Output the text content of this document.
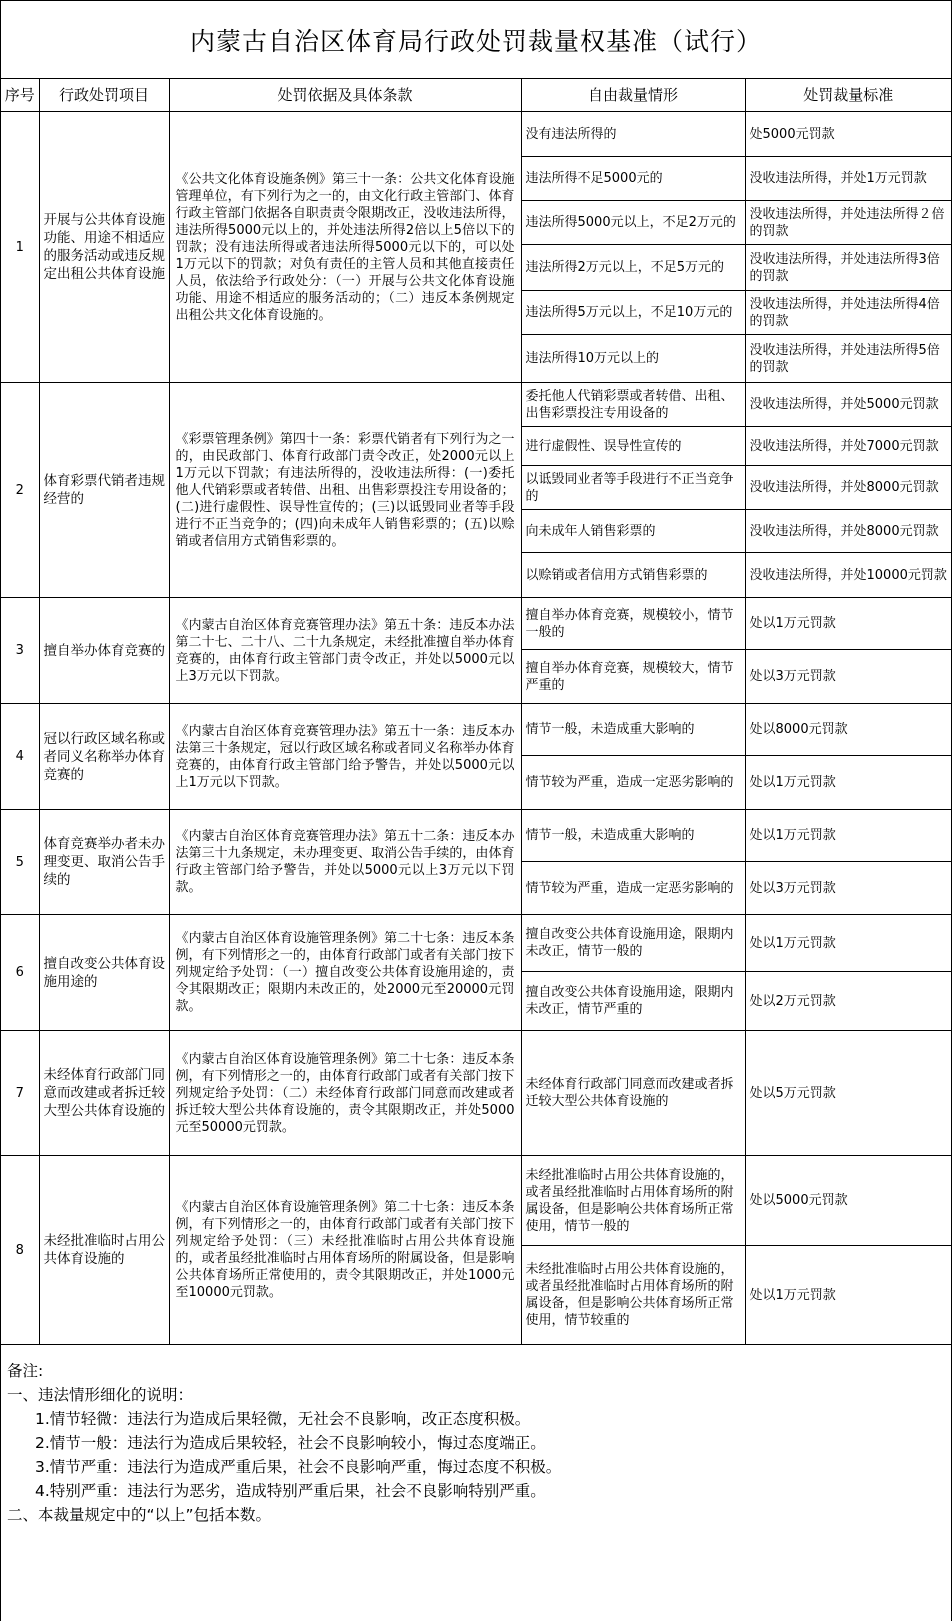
内蒙古自治区体育局行政处罚裁量权基准（试行）
序号	行政处罚项目	处罚依据及具体条款	自由裁量情形	处罚裁量标准
1	开展与公共体育设施功能、用途不相适应的服务活动或违反规定出租公共体育设施	《公共文化体育设施条例》第三十一条：公共文化体育设施管理单位，有下列行为之一的，由文化行政主管部门、体育行政主管部门依据各自职责责令限期改正，没收违法所得，违法所得5000元以上的，并处违法所得2倍以上5倍以下的罚款；没有违法所得或者违法所得5000元以下的，可以处1万元以下的罚款；对负有责任的主管人员和其他直接责任人员，依法给予行政处分：（一）开展与公共文化体育设施功能、用途不相适应的服务活动的；（二）违反本条例规定出租公共文化体育设施的。	没有违法所得的	处5000元罚款
			违法所得不足5000元的	没收违法所得，并处1万元罚款
			违法所得5000元以上，不足2万元的	没收违法所得，并处违法所得２倍的罚款
			违法所得2万元以上，不足5万元的	没收违法所得，并处违法所得3倍的罚款
			违法所得5万元以上，不足10万元的	没收违法所得，并处违法所得4倍的罚款
			违法所得10万元以上的	没收违法所得，并处违法所得5倍的罚款
2	体育彩票代销者违规经营的	《彩票管理条例》第四十一条：彩票代销者有下列行为之一的，由民政部门、体育行政部门责令改正，处2000元以上1万元以下罚款；有违法所得的，没收违法所得：(一)委托他人代销彩票或者转借、出租、出售彩票投注专用设备的；(二)进行虚假性、误导性宣传的；(三)以诋毁同业者等手段进行不正当竞争的；(四)向未成年人销售彩票的；(五)以赊销或者信用方式销售彩票的。	委托他人代销彩票或者转借、出租、出售彩票投注专用设备的	没收违法所得，并处5000元罚款
			进行虚假性、误导性宣传的	没收违法所得，并处7000元罚款
			以诋毁同业者等手段进行不正当竞争的	没收违法所得，并处8000元罚款
			向未成年人销售彩票的	没收违法所得，并处8000元罚款
			以赊销或者信用方式销售彩票的	没收违法所得，并处10000元罚款
3	擅自举办体育竞赛的	《内蒙古自治区体育竞赛管理办法》第五十条：违反本办法第二十七、二十八、二十九条规定，未经批准擅自举办体育竞赛的，由体育行政主管部门责令改正，并处以5000元以上3万元以下罚款。	擅自举办体育竞赛，规模较小，情节一般的	处以1万元罚款
			擅自举办体育竞赛，规模较大，情节严重的	处以3万元罚款
4	冠以行政区域名称或者同义名称举办体育竞赛的	《内蒙古自治区体育竞赛管理办法》第五十一条：违反本办法第三十条规定，冠以行政区域名称或者同义名称举办体育竞赛的，由体育行政主管部门给予警告，并处以5000元以上1万元以下罚款。	情节一般，未造成重大影响的	处以8000元罚款
			情节较为严重，造成一定恶劣影响的	处以1万元罚款
5	体育竞赛举办者未办理变更、取消公告手续的	《内蒙古自治区体育竞赛管理办法》第五十二条：违反本办法第三十九条规定，未办理变更、取消公告手续的，由体育行政主管部门给予警告，并处以5000元以上3万元以下罚款。	情节一般，未造成重大影响的	处以1万元罚款
			情节较为严重，造成一定恶劣影响的	处以3万元罚款
6	擅自改变公共体育设施用途的	《内蒙古自治区体育设施管理条例》第二十七条：违反本条例，有下列情形之一的，由体育行政部门或者有关部门按下列规定给予处罚：（一）擅自改变公共体育设施用途的，责令其限期改正；限期内未改正的，处2000元至20000元罚款。	擅自改变公共体育设施用途，限期内未改正，情节一般的	处以1万元罚款
			擅自改变公共体育设施用途，限期内未改正，情节严重的	处以2万元罚款
7	未经体育行政部门同意而改建或者拆迁较大型公共体育设施的	《内蒙古自治区体育设施管理条例》第二十七条：违反本条例，有下列情形之一的，由体育行政部门或者有关部门按下列规定给予处罚：（二）未经体育行政部门同意而改建或者拆迁较大型公共体育设施的，责令其限期改正，并处5000元至50000元罚款。	未经体育行政部门同意而改建或者拆迁较大型公共体育设施的	处以5万元罚款
8	未经批准临时占用公共体育设施的	《内蒙古自治区体育设施管理条例》第二十七条：违反本条例，有下列情形之一的，由体育行政部门或者有关部门按下列规定给予处罚：（三）未经批准临时占用公共体育设施的，或者虽经批准临时占用体育场所的附属设备，但是影响公共体育场所正常使用的，责令其限期改正，并处1000元至10000元罚款。	未经批准临时占用公共体育设施的，或者虽经批准临时占用体育场所的附属设备，但是影响公共体育场所正常使用，情节一般的	处以5000元罚款
			未经批准临时占用公共体育设施的，或者虽经批准临时占用体育场所的附属设备，但是影响公共体育场所正常使用，情节较重的	处以1万元罚款
备注:
一、违法情形细化的说明：
1.情节轻微：违法行为造成后果轻微，无社会不良影响，改正态度积极。
2.情节一般：违法行为造成后果较轻，社会不良影响较小，悔过态度端正。
3.情节严重：违法行为造成严重后果，社会不良影响严重，悔过态度不积极。
4.特别严重：违法行为恶劣，造成特别严重后果，社会不良影响特别严重。
二、本裁量规定中的“以上”包括本数。
